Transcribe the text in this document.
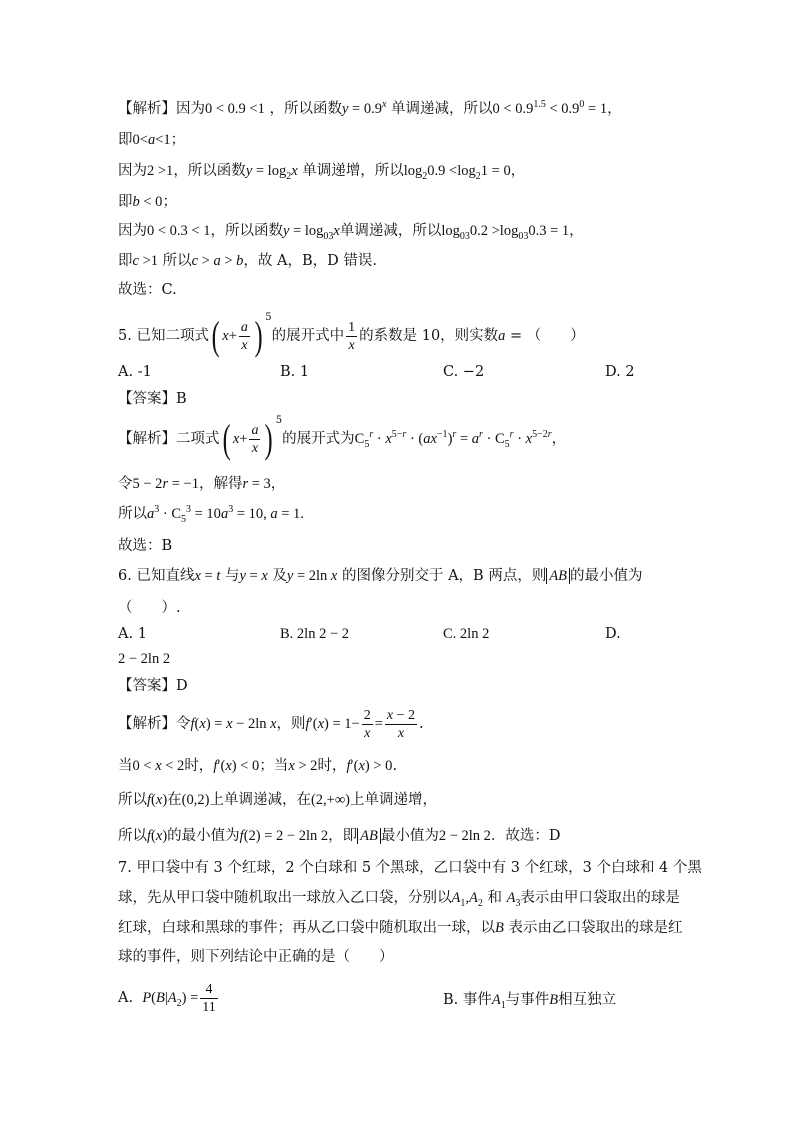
【解析】因为0 < 0.9 <1 ，所以函数$y = 0.9^x$ 单调递减，所以$0 < 0.9^{1.5} < 0.9^0 = 1$，
即0<a<1；
因为2 >1，所以函数$y = \log_2x$ 单调递增，所以$\log_20.9 <\log_21 = 0$，
即b < 0；
因为0 < 0.3 < 1，所以函数$y = \log_{03}x$单调递减，所以$\log_{03}0.2 >\log_{03}0.3 = 1$，
即c >1 所以c > a > b，故 A，B，D 错误.
故选：C.
5. 已知二项式( $x+ \frac{a}{x}$ ) $^5$的展开式中 $\frac{1}{x}$ 的系数是 10，则实数a = （　　）
A. -1	B. 1	C. −2	D. 2
【答案】B
【解析】二项式( $x+ \frac{a}{x}$ ) $^5$的展开式为$C_5^r \cdot x^{5-r} \cdot (ax^{-1})^r = a^r \cdot C_5^r \cdot x^{5-2r}$，
令5 − 2r = −1，解得r = 3，
所以$a^3 \cdot C_5^3 = 10a^3 = 10$, a = 1.
故选：B
6. 已知直线x = t 与y = x 及y = 2ln x 的图像分别交于 A，B 两点，则 AB 的最小值为
（　　）.
A. 1	B. 2ln 2 − 2	C. 2ln 2	D.
2 − 2ln 2
【答案】D
【解析】令f(x) = x − 2ln x，则$f'(x) = 1- \frac{2}{x} = \frac{x - 2}{x}$ .
当0 < x < 2时，f′(x) < 0；当x > 2时，f′(x) > 0.
所以f(x)在(0,2)上单调递减，在(2,+∞)上单调递增，
所以f(x)的最小值为f(2) = 2 − 2ln 2，即 AB 最小值为2 − 2ln 2．故选：D
7. 甲口袋中有 3 个红球，2 个白球和 5 个黑球，乙口袋中有 3 个红球，3 个白球和 4 个黑
球，先从甲口袋中随机取出一球放入乙口袋，分别以$A_1,A_2$ 和 $A_3$表示由甲口袋取出的球是
红球，白球和黑球的事件；再从乙口袋中随机取出一球，以B 表示由乙口袋取出的球是红
球的事件，则下列结论中正确的是（　　）
A. $P(B|A_2) = \frac{4}{11}$	B. 事件$A_1$与事件B相互独立
